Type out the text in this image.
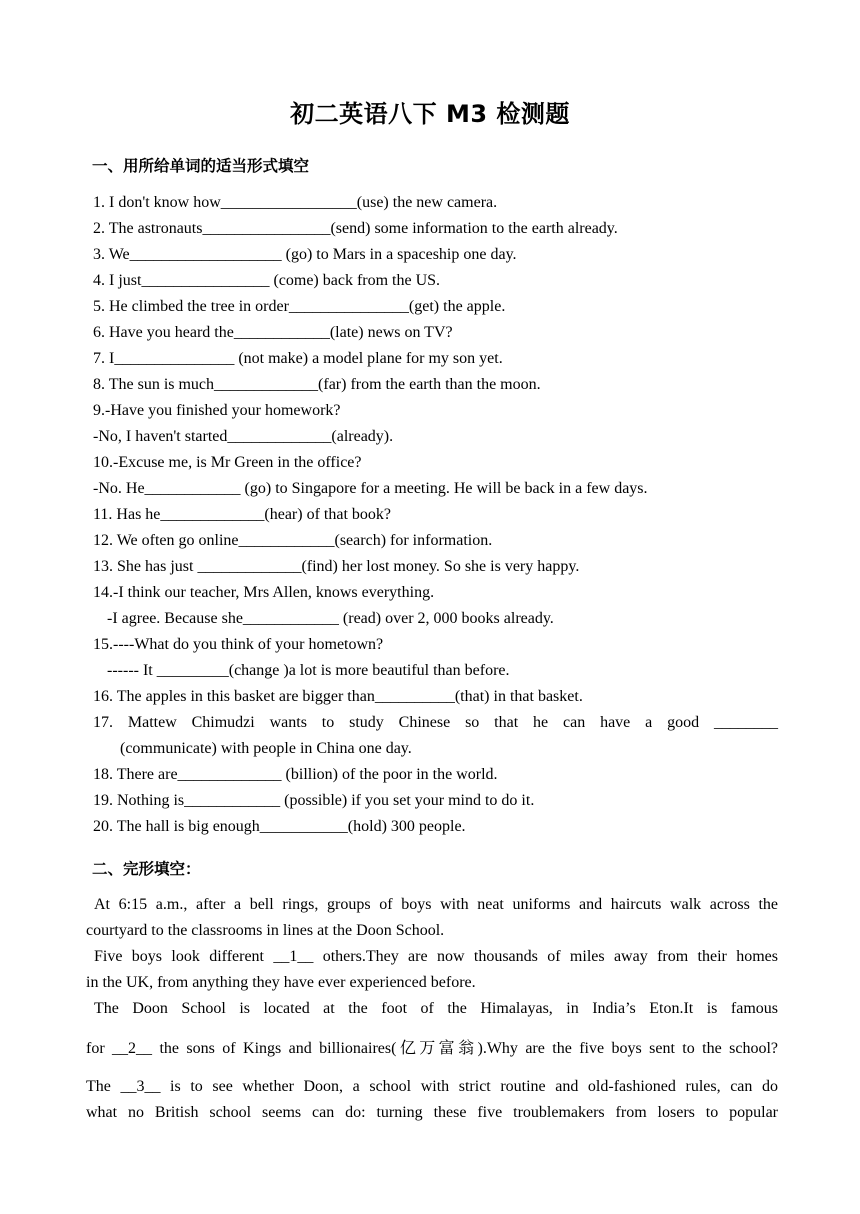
初二英语八下 M3 检测题
一、用所给单词的适当形式填空
1. I don't know how_________________(use) the new camera.
2. The astronauts________________(send) some information to the earth already.
3. We___________________ (go) to Mars in a spaceship one day.
4. I just________________ (come) back from the US.
5. He climbed the tree in order_______________(get) the apple.
6. Have you heard the____________(late) news on TV?
7. I_______________ (not make) a model plane for my son yet.
8. The sun is much_____________(far) from the earth than the moon.
9.-Have you finished your homework?
-No, I haven't started_____________(already).
10.-Excuse me, is Mr Green in the office?
-No. He____________ (go) to Singapore for a meeting. He will be back in a few days.
11. Has he_____________(hear) of that book?
12. We often go online____________(search) for information.
13. She has just _____________(find) her lost money. So she is very happy.
14.-I think our teacher, Mrs Allen, knows everything.
-I agree. Because she____________ (read) over 2, 000 books already.
15.----What do you think of your hometown?
------ It _________(change )a lot is more beautiful than before.
16. The apples in this basket are bigger than__________(that) in that basket.
17. Mattew Chimudzi wants to study Chinese so that he can have a good ________
(communicate) with people in China one day.
18. There are_____________ (billion) of the poor in the world.
19. Nothing is____________ (possible) if you set your mind to do it.
20. The hall is big enough___________(hold) 300 people.
二、完形填空：
At 6:15 a.m., after a bell rings, groups of boys with neat uniforms and haircuts walk across the
courtyard to the classrooms in lines at the Doon School.
Five boys look different __1__ others.They are now thousands of miles away from their homes
in the UK, from anything they have ever experienced before.
The Doon School is located at the foot of the Himalayas, in India’s Eton.It is famous
for __2__ the sons of Kings and billionaires(亿万富翁).Why are the five boys sent to the school?
The __3__ is to see whether Doon, a school with strict routine and old-fashioned rules, can do
what no British school seems can do: turning these five troublemakers from losers to popular
